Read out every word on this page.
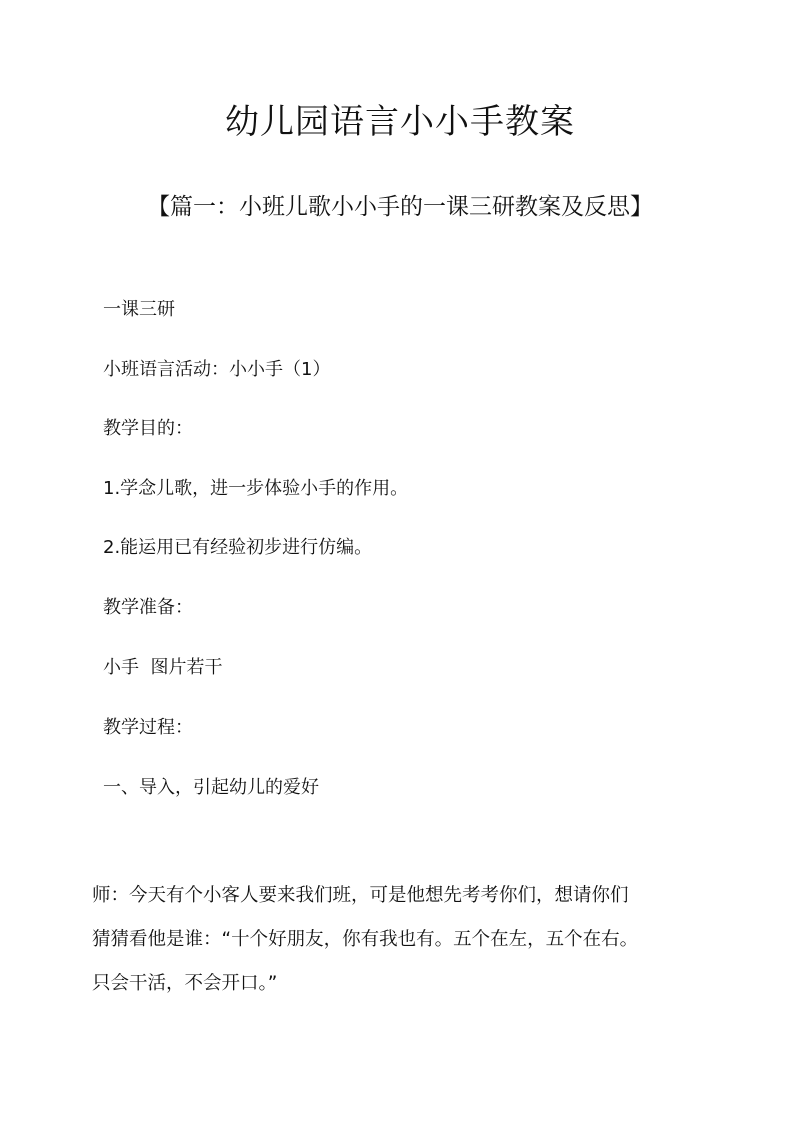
幼儿园语言小小手教案
【篇一：小班儿歌小小手的一课三研教案及反思】
一课三研
小班语言活动：小小手（1）
教学目的：
1.学念儿歌，进一步体验小手的作用。
2.能运用已有经验初步进行仿编。
教学准备：
小手  图片若干
教学过程：
一、导入，引起幼儿的爱好
师：今天有个小客人要来我们班，可是他想先考考你们，想请你们
猜猜看他是谁：“十个好朋友，你有我也有。五个在左，五个在右。
只会干活，不会开口。”
